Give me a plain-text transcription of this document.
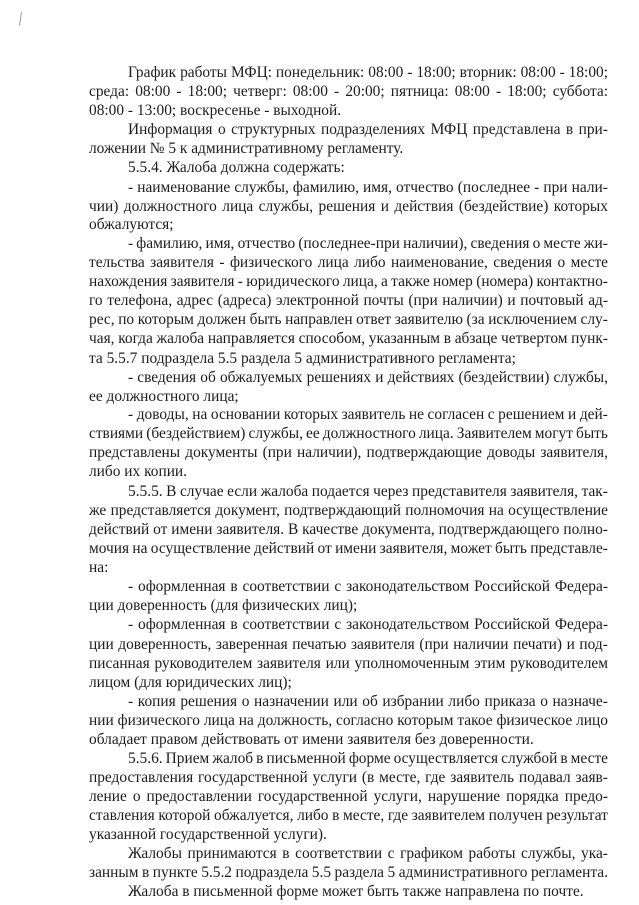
График работы МФЦ: понедельник: 08:00 - 18:00; вторник: 08:00 - 18:00;
среда: 08:00 - 18:00; четверг: 08:00 - 20:00; пятница: 08:00 - 18:00; суббота:
08:00 - 13:00; воскресенье - выходной.
Информация о структурных подразделениях МФЦ представлена в при-
ложении № 5 к административному регламенту.
5.5.4. Жалоба должна содержать:
- наименование службы, фамилию, имя, отчество (последнее - при нали-
чии) должностного лица службы, решения и действия (бездействие) которых
обжалуются;
- фамилию, имя, отчество (последнее-при наличии), сведения о месте жи-
тельства заявителя - физического лица либо наименование, сведения о месте
нахождения заявителя - юридического лица, а также номер (номера) контактно-
го телефона, адрес (адреса) электронной почты (при наличии) и почтовый ад-
рес, по которым должен быть направлен ответ заявителю (за исключением слу-
чая, когда жалоба направляется способом, указанным в абзаце четвертом пунк-
та 5.5.7 подраздела 5.5 раздела 5 административного регламента;
- сведения об обжалуемых решениях и действиях (бездействии) службы,
ее должностного лица;
- доводы, на основании которых заявитель не согласен с решением и дей-
ствиями (бездействием) службы, ее должностного лица. Заявителем могут быть
представлены документы (при наличии), подтверждающие доводы заявителя,
либо их копии.
5.5.5. В случае если жалоба подается через представителя заявителя, так-
же представляется документ, подтверждающий полномочия на осуществление
действий от имени заявителя. В качестве документа, подтверждающего полно-
мочия на осуществление действий от имени заявителя, может быть представле-
на:
- оформленная в соответствии с законодательством Российской Федера-
ции доверенность (для физических лиц);
- оформленная в соответствии с законодательством Российской Федера-
ции доверенность, заверенная печатью заявителя (при наличии печати) и под-
писанная руководителем заявителя или уполномоченным этим руководителем
лицом (для юридических лиц);
- копия решения о назначении или об избрании либо приказа о назначе-
нии физического лица на должность, согласно которым такое физическое лицо
обладает правом действовать от имени заявителя без доверенности.
5.5.6. Прием жалоб в письменной форме осуществляется службой в месте
предоставления государственной услуги (в месте, где заявитель подавал заяв-
ление о предоставлении государственной услуги, нарушение порядка предо-
ставления которой обжалуется, либо в месте, где заявителем получен результат
указанной государственной услуги).
Жалобы принимаются в соответствии с графиком работы службы, ука-
занным в пункте 5.5.2 подраздела 5.5 раздела 5 административного регламента.
Жалоба в письменной форме может быть также направлена по почте.
